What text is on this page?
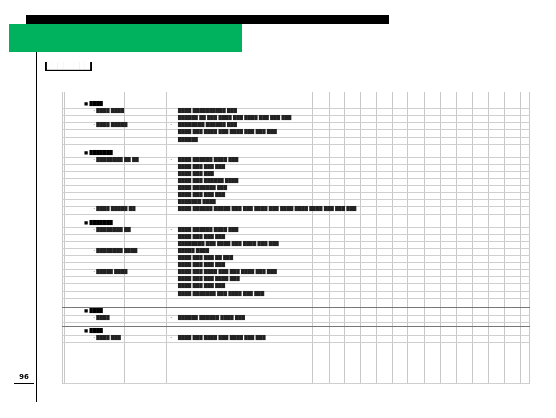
████████
■ ████
・████ ████	████ ██████████ ███
██████ ██ ███ ████ ███ ████ ███ ███ ███
・████ █████	・ ████████ ██████ ███
████ ███ ████ ███ ████ ███ ███ ███
██████
■ ███████
・████████ ██ ██	・ ████ ██████ ████ ███
████ ███ ███ ███
████ ███ ███
████ ███ ██████ ████
████ ███████ ███
████ ███ ███ ███
███████ ████
・████ █████ ██	████ ██████ █████ ███ ███ ████ ███ ████ ████ ████ ███ ███ ███
■ ███████
・████████ ██	・ ████ ██████ ████ ███
████ ███ ███ ███
████████ ███ ████ ███ ████ ███ ███
・████████ ████	█████ ████
████ ███ ███ ██ ███
████ ███ ███ ███
・█████ ████	████ ███ ████ ███ ███ ████ ███ ███
████ ███ ███ ████ ███
████ ███ ███ ███
████ ███████ ███ ████ ███ ███
■ ████
・████	・ ██████ ██████ ████ ███
■ ████
・████ ███	・ ████ ███ ████ ███ ████ ███ ███
96
